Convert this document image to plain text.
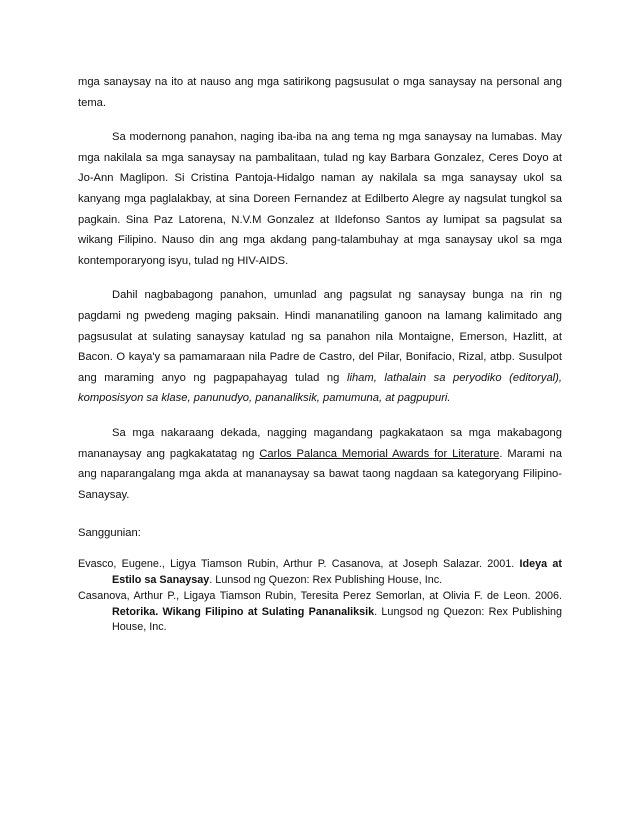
mga sanaysay na ito at nauso ang mga satirikong pagsusulat o mga sanaysay na personal ang tema.

Sa modernong panahon, naging iba-iba na ang tema ng mga sanaysay na lumabas. May mga nakilala sa mga sanaysay na pambalitaan, tulad ng kay Barbara Gonzalez, Ceres Doyo at Jo-Ann Maglipon. Si Cristina Pantoja-Hidalgo naman ay nakilala sa mga sanaysay ukol sa kanyang mga paglalakbay, at sina Doreen Fernandez at Edilberto Alegre ay nagsulat tungkol sa pagkain. Sina Paz Latorena, N.V.M Gonzalez at Ildefonso Santos ay lumipat sa pagsulat sa wikang Filipino. Nauso din ang mga akdang pang-talambuhay at mga sanaysay ukol sa mga kontemporaryong isyu, tulad ng HIV-AIDS.

Dahil nagbabagong panahon, umunlad ang pagsulat ng sanaysay bunga na rin ng pagdami ng pwedeng maging paksain. Hindi mananatiling ganoon na lamang kalimitado ang pagsusulat at sulating sanaysay katulad ng sa panahon nila Montaigne, Emerson, Hazlitt, at Bacon. O kaya'y sa pamamaraan nila Padre de Castro, del Pilar, Bonifacio, Rizal, atbp. Susulpot ang maraming anyo ng pagpapahayag tulad ng liham, lathalain sa peryodiko (editoryal), komposisyon sa klase, panunudyo, pananaliksik, pamumuna, at pagpupuri.

Sa mga nakaraang dekada, nagging magandang pagkakataon sa mga makabagong mananaysay ang pagkakatatag ng Carlos Palanca Memorial Awards for Literature. Marami na ang naparangalang mga akda at mananaysay sa bawat taong nagdaan sa kategoryang Filipino-Sanaysay.

Sanggunian:
Evasco, Eugene., Ligya Tiamson Rubin, Arthur P. Casanova, at Joseph Salazar. 2001. Ideya at Estilo sa Sanaysay. Lunsod ng Quezon: Rex Publishing House, Inc.
Casanova, Arthur P., Ligaya Tiamson Rubin, Teresita Perez Semorlan, at Olivia F. de Leon. 2006. Retorika. Wikang Filipino at Sulating Pananaliksik. Lungsod ng Quezon: Rex Publishing House, Inc.
